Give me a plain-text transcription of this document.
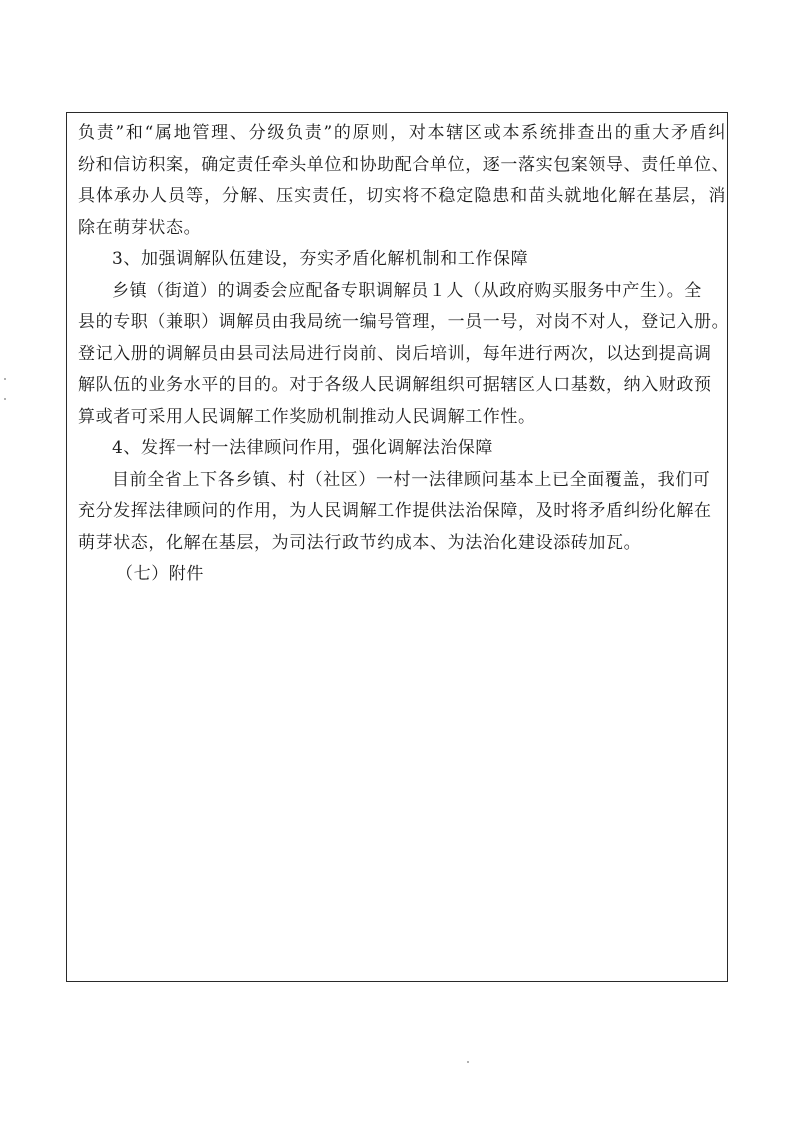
负责”和“属地管理、分级负责”的原则，对本辖区或本系统排查出的重大矛盾纠
纷和信访积案，确定责任牵头单位和协助配合单位，逐一落实包案领导、责任单位、
具体承办人员等，分解、压实责任，切实将不稳定隐患和苗头就地化解在基层，消
除在萌芽状态。
3、加强调解队伍建设，夯实矛盾化解机制和工作保障
乡镇（街道）的调委会应配备专职调解员１人（从政府购买服务中产生）。全
县的专职（兼职）调解员由我局统一编号管理，一员一号，对岗不对人，登记入册。
登记入册的调解员由县司法局进行岗前、岗后培训，每年进行两次，以达到提高调
解队伍的业务水平的目的。对于各级人民调解组织可据辖区人口基数，纳入财政预
算或者可采用人民调解工作奖励机制推动人民调解工作性。
4、发挥一村一法律顾问作用，强化调解法治保障
目前全省上下各乡镇、村（社区）一村一法律顾问基本上已全面覆盖，我们可
充分发挥法律顾问的作用，为人民调解工作提供法治保障，及时将矛盾纠纷化解在
萌芽状态，化解在基层，为司法行政节约成本、为法治化建设添砖加瓦。
（七）附件
